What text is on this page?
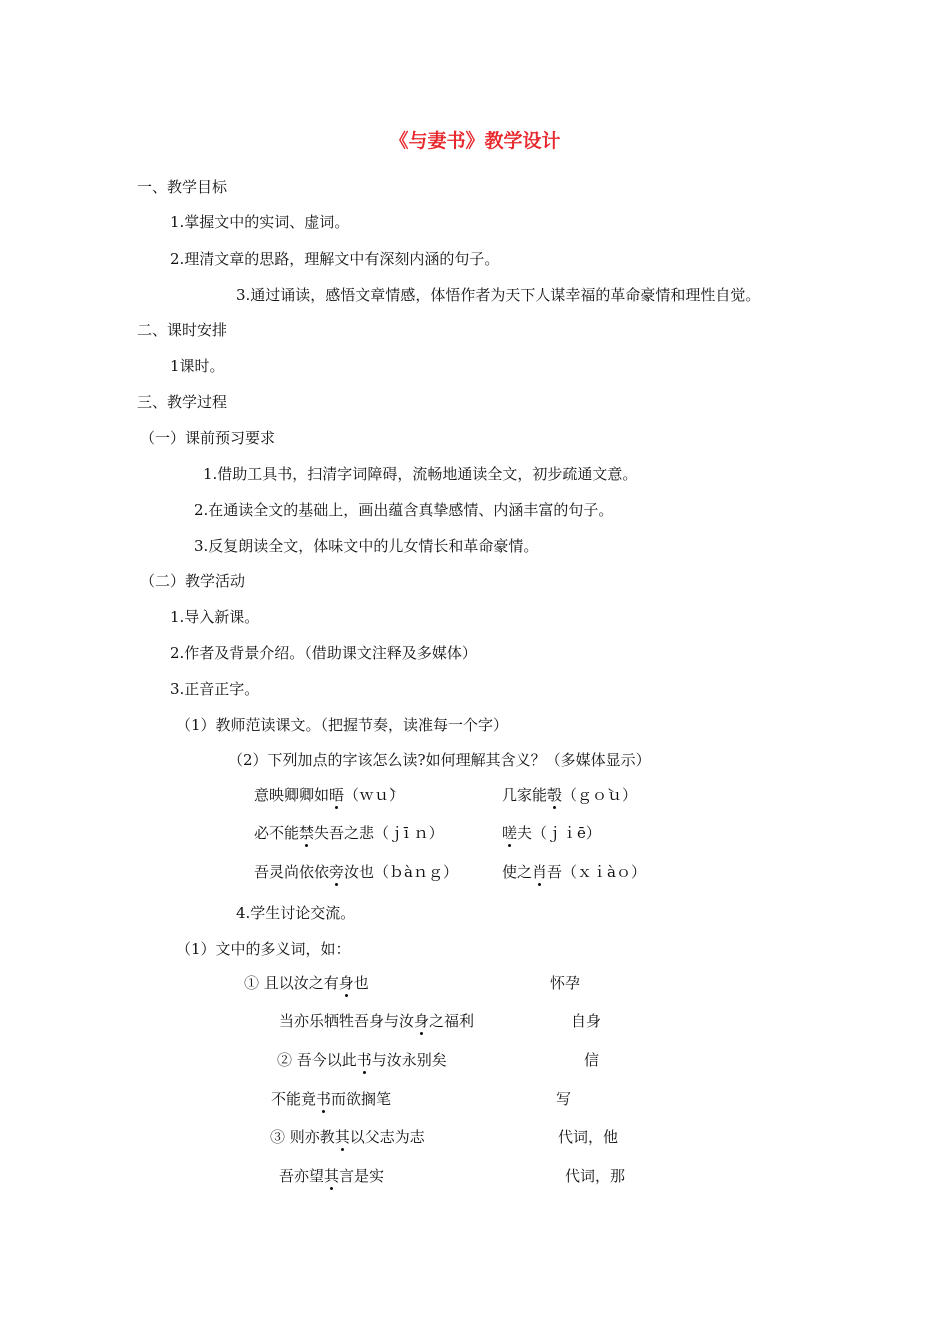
《与妻书》教学设计
一、教学目标
1.掌握文中的实词、虚词。
2.理清文章的思路，理解文中有深刻内涵的句子。
3.通过诵读，感悟文章情感，体悟作者为天下人谋幸福的革命豪情和理性自觉。
二、课时安排
1课时。
三、教学过程
（一）课前预习要求
1.借助工具书，扫清字词障碍，流畅地通读全文，初步疏通文意。
2.在通读全文的基础上，画出蕴含真挚感情、内涵丰富的句子。
3.反复朗读全文，体味文中的儿女情长和革命豪情。
（二）教学活动
1.导入新课。
2.作者及背景介绍。（借助课文注释及多媒体）
3.正音正字。
（1）教师范读课文。（把握节奏，读准每一个字）
（2）下列加点的字该怎么读?如何理解其含义？（多媒体显示）
意映卿卿如晤（ｗｕ̀）	几家能彀（ｇｏ̀ｕ）
必不能禁失吾之悲（ｊī ｎ）	嗟夫（ｊｉē）
吾灵尚依依旁汝也（ｂàｎｇ）	使之肖吾（ｘｉàｏ）
4.学生讨论交流。
（1）文中的多义词，如：
① 且以汝之有身也	怀孕
当亦乐牺牲吾身与汝身之福利	自身
② 吾今以此书与汝永别矣	信
不能竟书而欲搁笔	写
③ 则亦教其以父志为志	代词，他
吾亦望其言是实	代词，那
